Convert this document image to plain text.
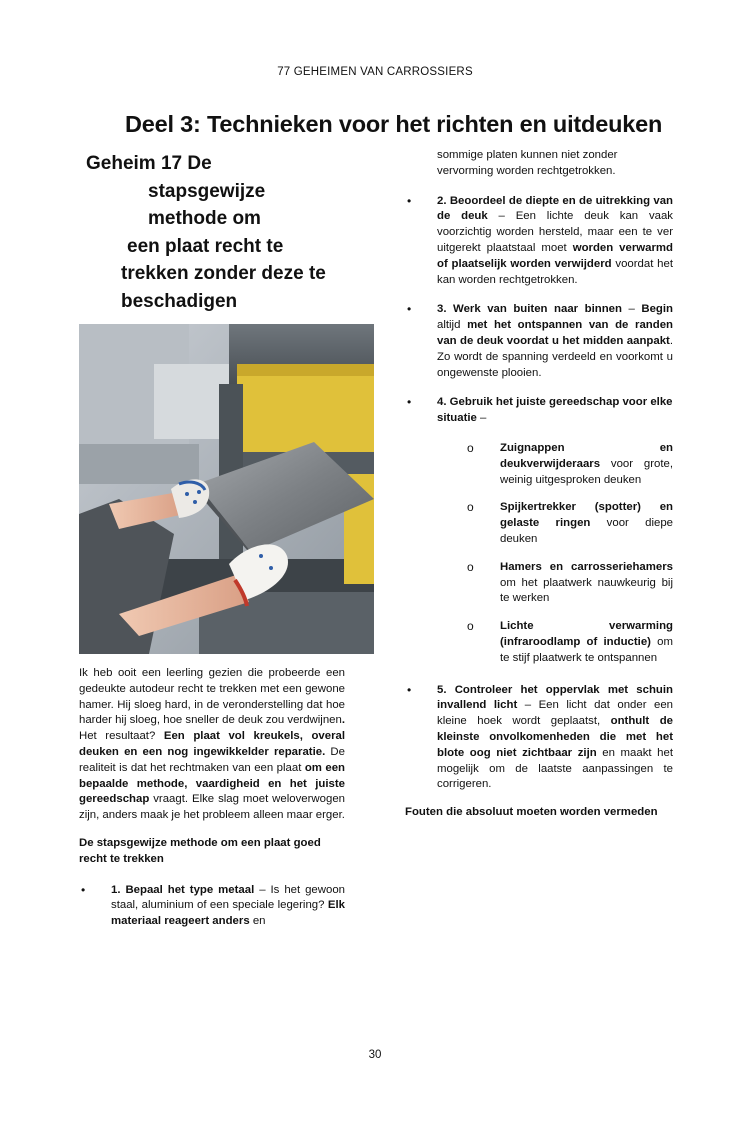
77 GEHEIMEN VAN CARROSSIERS
Deel 3: Technieken voor het richten en uitdeuken
Geheim 17 De
stapsgewijze
methode om
een plaat recht te
trekken zonder deze te
beschadigen

Ik heb ooit een leerling gezien die probeerde een gedeukte autodeur recht te trekken met een gewone hamer. Hij sloeg hard, in de veronderstelling dat hoe harder hij sloeg, hoe sneller de deuk zou verdwijnen. Het resultaat? Een plaat vol kreukels, overal deuken en een nog ingewikkelder reparatie. De realiteit is dat het rechtmaken van een plaat om een bepaalde methode, vaardigheid en het juiste gereedschap vraagt. Elke slag moet weloverwogen zijn, anders maak je het probleem alleen maar erger.

De stapsgewijze methode om een plaat goed recht te trekken

• 1. Bepaal het type metaal – Is het gewoon staal, aluminium of een speciale legering? Elk materiaal reageert anders en
sommige platen kunnen niet zonder vervorming worden rechtgetrokken.
• 2. Beoordeel de diepte en de uitrekking van de deuk – Een lichte deuk kan vaak voorzichtig worden hersteld, maar een te ver uitgerekt plaatstaal moet worden verwarmd of plaatselijk worden verwijderd voordat het kan worden rechtgetrokken.
• 3. Werk van buiten naar binnen – Begin altijd met het ontspannen van de randen van de deuk voordat u het midden aanpakt. Zo wordt de spanning verdeeld en voorkomt u ongewenste plooien.
• 4. Gebruik het juiste gereedschap voor elke situatie –
o Zuignappen en deukverwijderaars voor grote, weinig uitgesproken deuken
o Spijkertrekker (spotter) en gelaste ringen voor diepe deuken
o Hamers en carrosseriehamers om het plaatwerk nauwkeurig bij te werken
o Lichte verwarming (infraroodlamp of inductie) om te stijf plaatwerk te ontspannen
• 5. Controleer het oppervlak met schuin invallend licht – Een licht dat onder een kleine hoek wordt geplaatst, onthult de kleinste onvolkomenheden die met het blote oog niet zichtbaar zijn en maakt het mogelijk om de laatste aanpassingen te corrigeren.

Fouten die absoluut moeten worden vermeden

30
